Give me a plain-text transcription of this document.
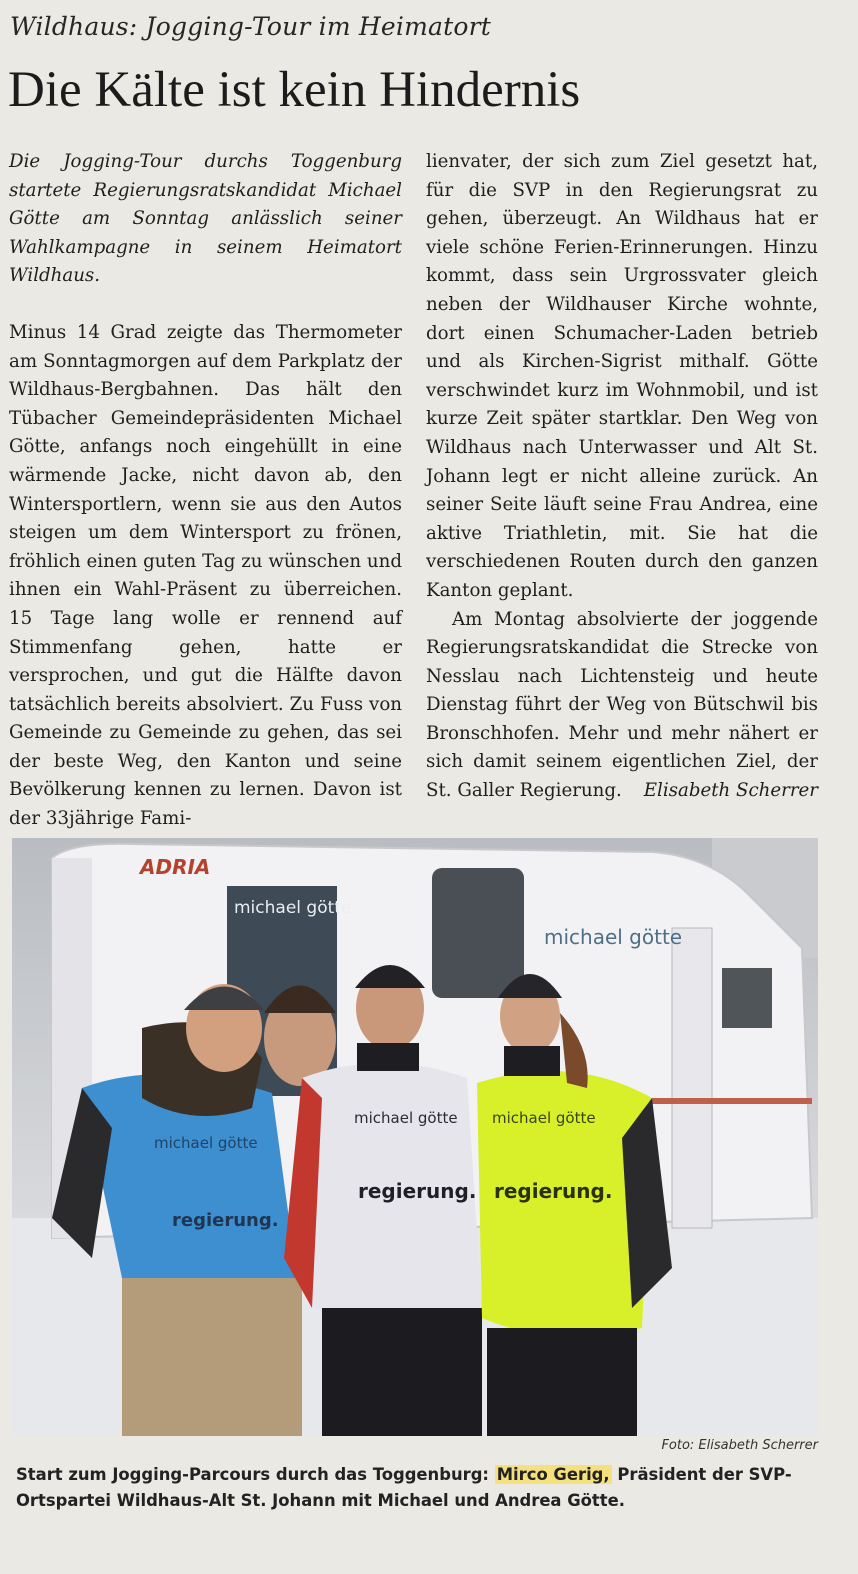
Wildhaus: Jogging-Tour im Heimatort
Die Kälte ist kein Hindernis

Die Jogging-Tour durchs Toggenburg startete Regierungsratskandidat Michael Götte am Sonntag anlässlich seiner Wahlkampagne in seinem Heimatort Wildhaus.

Minus 14 Grad zeigte das Thermometer am Sonntagmorgen auf dem Parkplatz der Wildhaus-Bergbahnen. Das hält den Tübacher Gemeindepräsidenten Michael Götte, anfangs noch eingehüllt in eine wärmende Jacke, nicht davon ab, den Wintersportlern, wenn sie aus den Autos steigen um dem Wintersport zu frönen, fröhlich einen guten Tag zu wünschen und ihnen ein Wahl-Präsent zu überreichen. 15 Tage lang wolle er rennend auf Stimmenfang gehen, hatte er versprochen, und gut die Hälfte davon tatsächlich bereits absolviert. Zu Fuss von Gemeinde zu Gemeinde zu gehen, das sei der beste Weg, den Kanton und seine Bevölkerung kennen zu lernen. Davon ist der 33jährige Fami-

lienvater, der sich zum Ziel gesetzt hat, für die SVP in den Regierungsrat zu gehen, überzeugt. An Wildhaus hat er viele schöne Ferien-Erinnerungen. Hinzu kommt, dass sein Urgrossvater gleich neben der Wildhauser Kirche wohnte, dort einen Schumacher-Laden betrieb und als Kirchen-Sigrist mithalf. Götte verschwindet kurz im Wohnmobil, und ist kurze Zeit später startklar. Den Weg von Wildhaus nach Unterwasser und Alt St. Johann legt er nicht alleine zurück. An seiner Seite läuft seine Frau Andrea, eine aktive Triathletin, mit. Sie hat die verschiedenen Routen durch den ganzen Kanton geplant.

Am Montag absolvierte der joggende Regierungsratskandidat die Strecke von Nesslau nach Lichtensteig und heute Dienstag führt der Weg von Bütschwil bis Bronschhofen. Mehr und mehr nähert er sich damit seinem eigentlichen Ziel, der St. Galler Regierung.	Elisabeth Scherrer

ADRIA
michael götte
michael götte
michael götte
regierung.
michael götte
regierung.
michael götte
regierung.
Foto: Elisabeth Scherrer
Start zum Jogging-Parcours durch das Toggenburg: Mirco Gerig, Präsident der SVP-Ortspartei Wildhaus-Alt St. Johann mit Michael und Andrea Götte.
